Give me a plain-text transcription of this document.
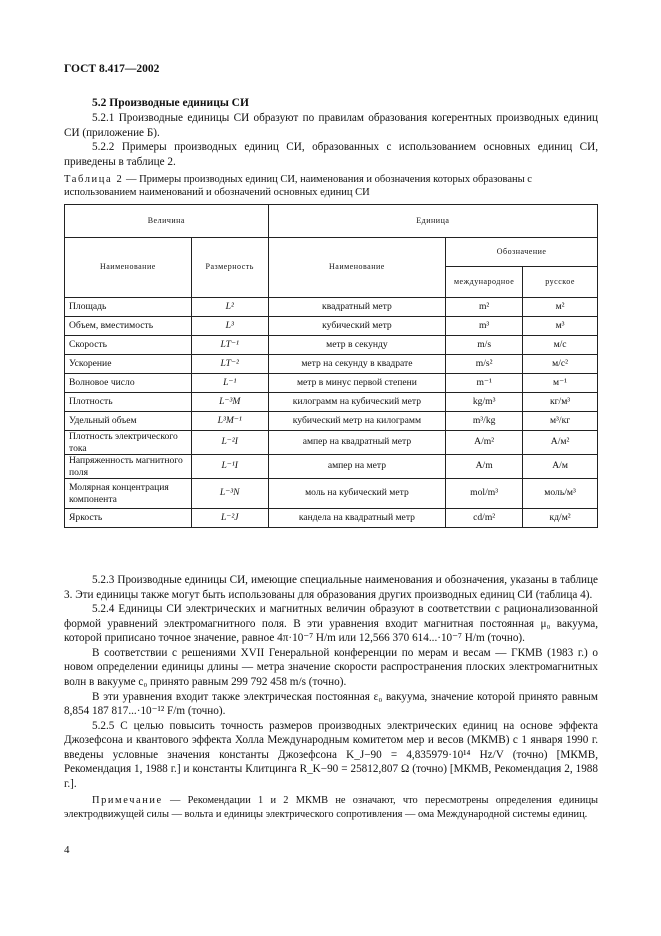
ГОСТ 8.417—2002
5.2 Производные единицы СИ

5.2.1 Производные единицы СИ образуют по правилам образования когерентных производных единиц СИ (приложение Б).

5.2.2 Примеры производных единиц СИ, образованных с использованием основных единиц СИ, приведены в таблице 2.

Таблица 2 — Примеры производных единиц СИ, наименования и обозначения которых образованы с использованием наименований и обозначений основных единиц СИ
Величина		Единица		
Наименование	Размерность	Наименование	Обозначение	
			международное	русское
Площадь	L²	квадратный метр	m²	м²
Объем, вместимость	L³	кубический метр	m³	м³
Скорость	LT⁻¹	метр в секунду	m/s	м/с
Ускорение	LT⁻²	метр на секунду в квадрате	m/s²	м/с²
Волновое число	L⁻¹	метр в минус первой степени	m⁻¹	м⁻¹
Плотность	L⁻³M	килограмм на кубический метр	kg/m³	кг/м³
Удельный объем	L³M⁻¹	кубический метр на килограмм	m³/kg	м³/кг
Плотность электрического тока	L⁻²I	ампер на квадратный метр	A/m²	А/м²
Напряженность магнитного поля	L⁻¹I	ампер на метр	A/m	А/м
Молярная концентрация компонента	L⁻³N	моль на кубический метр	mol/m³	моль/м³
Яркость	L⁻²J	кандела на квадратный метр	cd/m²	кд/м²

5.2.3 Производные единицы СИ, имеющие специальные наименования и обозначения, указаны в таблице 3. Эти единицы также могут быть использованы для образования других производных единиц СИ (таблица 4).

5.2.4 Единицы СИ электрических и магнитных величин образуют в соответствии с рационализованной формой уравнений электромагнитного поля. В эти уравнения входит магнитная постоянная μ₀ вакуума, которой приписано точное значение, равное 4π·10⁻⁷ H/m или 12,566 370 614...·10⁻⁷ H/m (точно).

В соответствии с решениями XVII Генеральной конференции по мерам и весам — ГКМВ (1983 г.) о новом определении единицы длины — метра значение скорости распространения плоских электромагнитных волн в вакууме c₀ принято равным 299 792 458 m/s (точно).

В эти уравнения входит также электрическая постоянная ε₀ вакуума, значение которой принято равным 8,854 187 817...·10⁻¹² F/m (точно).

5.2.5 С целью повысить точность размеров производных электрических единиц на основе эффекта Джозефсона и квантового эффекта Холла Международным комитетом мер и весов (МКМВ) с 1 января 1990 г. введены условные значения константы Джозефсона K_J−90 = 4,835979·10¹⁴ Hz/V (точно) [МКМВ, Рекомендация 1, 1988 г.] и константы Клитцинга R_K−90 = 25812,807 Ω (точно) [МКМВ, Рекомендация 2, 1988 г.].

Примечание — Рекомендации 1 и 2 МКМВ не означают, что пересмотрены определения единицы электродвижущей силы — вольта и единицы электрического сопротивления — ома Международной системы единиц.

4
